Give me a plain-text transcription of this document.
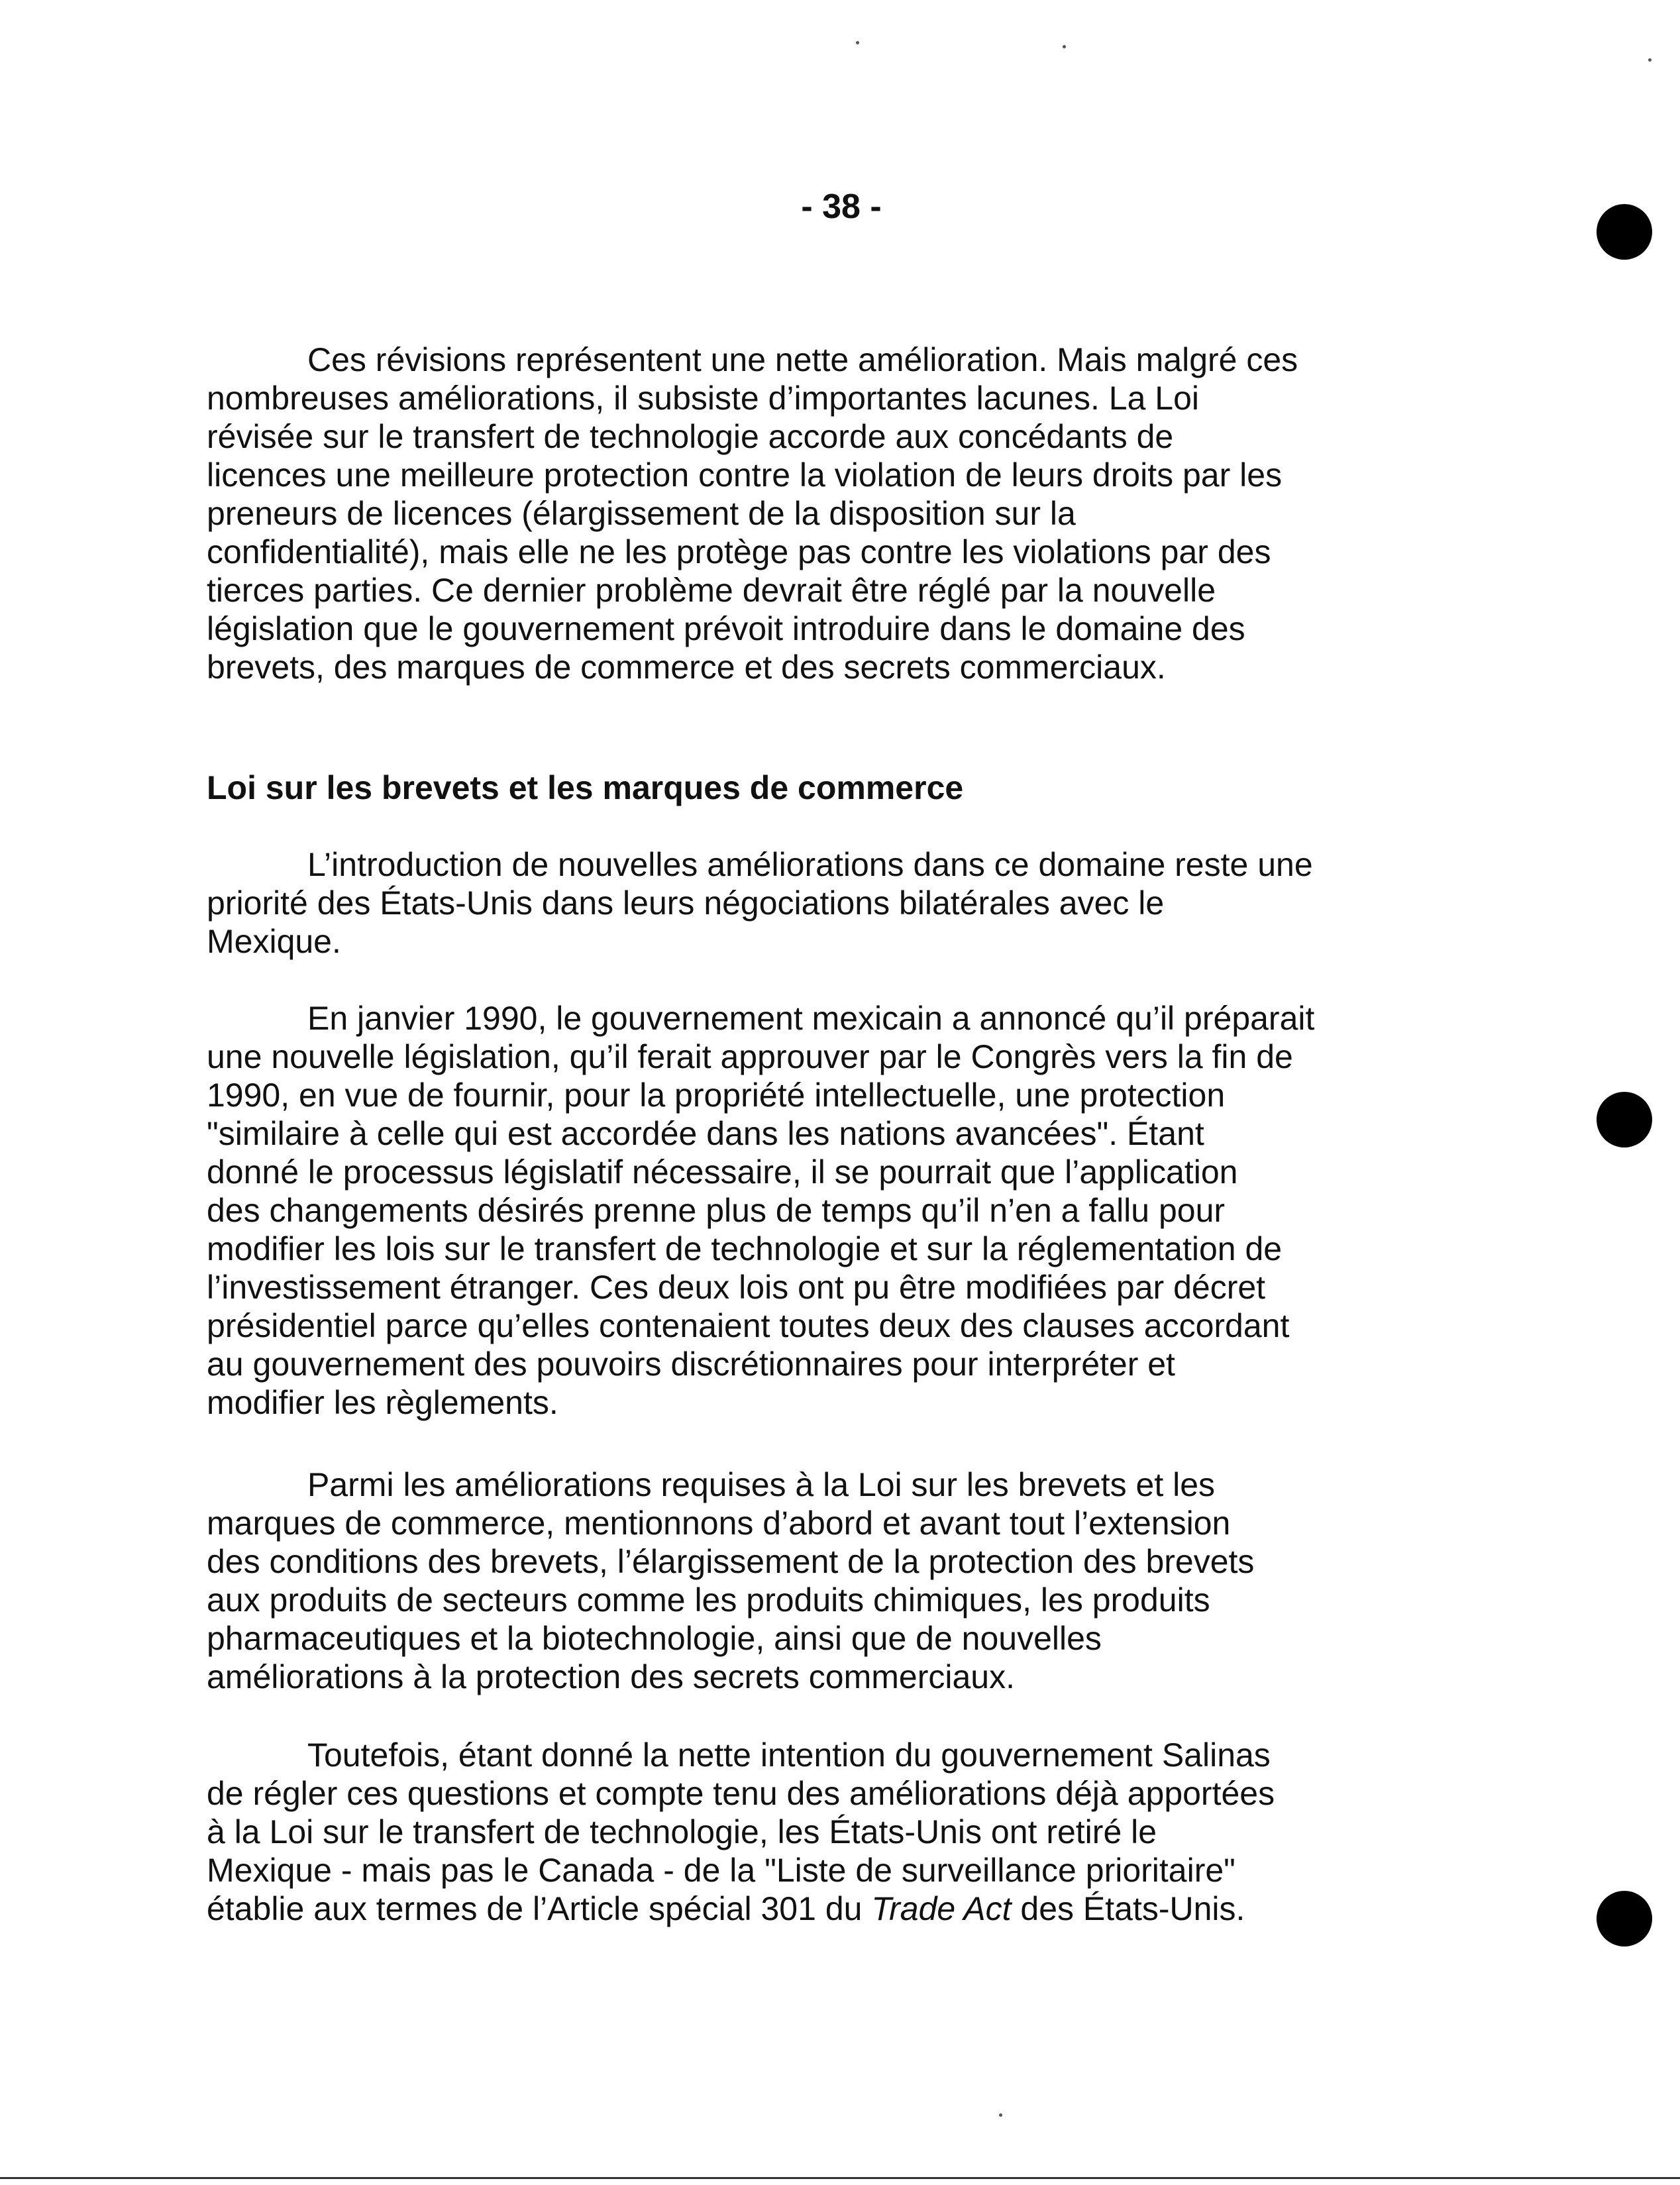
- 38 -

Ces révisions représentent une nette amélioration. Mais malgré ces
nombreuses améliorations, il subsiste d’importantes lacunes. La Loi
révisée sur le transfert de technologie accorde aux concédants de
licences une meilleure protection contre la violation de leurs droits par les
preneurs de licences (élargissement de la disposition sur la
confidentialité), mais elle ne les protège pas contre les violations par des
tierces parties. Ce dernier problème devrait être réglé par la nouvelle
législation que le gouvernement prévoit introduire dans le domaine des
brevets, des marques de commerce et des secrets commerciaux.

Loi sur les brevets et les marques de commerce

L’introduction de nouvelles améliorations dans ce domaine reste une
priorité des États-Unis dans leurs négociations bilatérales avec le
Mexique.

En janvier 1990, le gouvernement mexicain a annoncé qu’il préparait
une nouvelle législation, qu’il ferait approuver par le Congrès vers la fin de
1990, en vue de fournir, pour la propriété intellectuelle, une protection
"similaire à celle qui est accordée dans les nations avancées". Étant
donné le processus législatif nécessaire, il se pourrait que l’application
des changements désirés prenne plus de temps qu’il n’en a fallu pour
modifier les lois sur le transfert de technologie et sur la réglementation de
l’investissement étranger. Ces deux lois ont pu être modifiées par décret
présidentiel parce qu’elles contenaient toutes deux des clauses accordant
au gouvernement des pouvoirs discrétionnaires pour interpréter et
modifier les règlements.

Parmi les améliorations requises à la Loi sur les brevets et les
marques de commerce, mentionnons d’abord et avant tout l’extension
des conditions des brevets, l’élargissement de la protection des brevets
aux produits de secteurs comme les produits chimiques, les produits
pharmaceutiques et la biotechnologie, ainsi que de nouvelles
améliorations à la protection des secrets commerciaux.

Toutefois, étant donné la nette intention du gouvernement Salinas
de régler ces questions et compte tenu des améliorations déjà apportées
à la Loi sur le transfert de technologie, les États-Unis ont retiré le
Mexique - mais pas le Canada - de la "Liste de surveillance prioritaire"
établie aux termes de l’Article spécial 301 du Trade Act des États-Unis.
